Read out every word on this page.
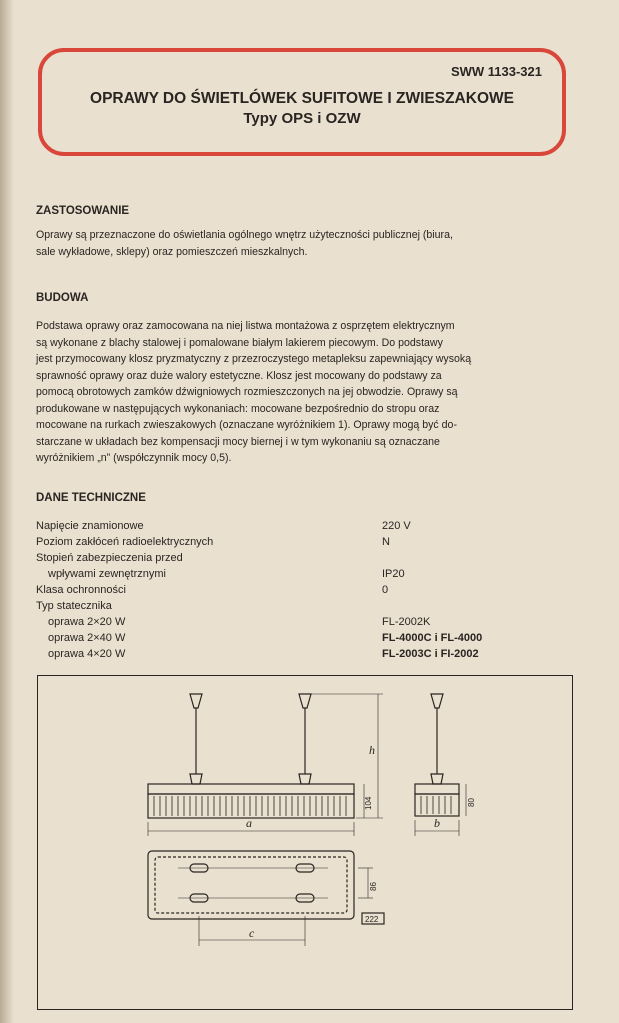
SWW 1133-321
OPRAWY DO ŚWIETLÓWEK SUFITOWE I ZWIESZAKOWE
Typy OPS i OZW
ZASTOSOWANIE
Oprawy są przeznaczone do oświetlania ogólnego wnętrz użyteczności publicznej (biura,
sale wykładowe, sklepy) oraz pomieszczeń mieszkalnych.
BUDOWA
Podstawa oprawy oraz zamocowana na niej listwa montażowa z osprzętem elektrycznym
są wykonane z blachy stalowej i pomalowane białym lakierem piecowym. Do podstawy
jest przymocowany klosz pryzmatyczny z przezroczystego metapleksu zapewniający wysoką
sprawność oprawy oraz duże walory estetyczne. Klosz jest mocowany do podstawy za
pomocą obrotowych zamków dźwigniowych rozmieszczonych na jej obwodzie. Oprawy są
produkowane w następujących wykonaniach: mocowane bezpośrednio do stropu oraz
mocowane na rurkach zwieszakowych (oznaczane wyróżnikiem 1). Oprawy mogą być do-
starczane w układach bez kompensacji mocy biernej i w tym wykonaniu są oznaczane
wyróżnikiem „n” (współczynnik mocy 0,5).
DANE TECHNICZNE
Napięcie znamionowe	220 V
Poziom zakłóceń radioelektrycznych	N
Stopień zabezpieczenia przed
wpływami zewnętrznymi	IP20
Klasa ochronności	0
Typ statecznika
oprawa 2×20 W	FL-2002K
oprawa 2×40 W	FL-4000C i FL-4000
oprawa 4×20 W	FL-2003C i FI-2002
a	b
c
h
104	80
86
222
